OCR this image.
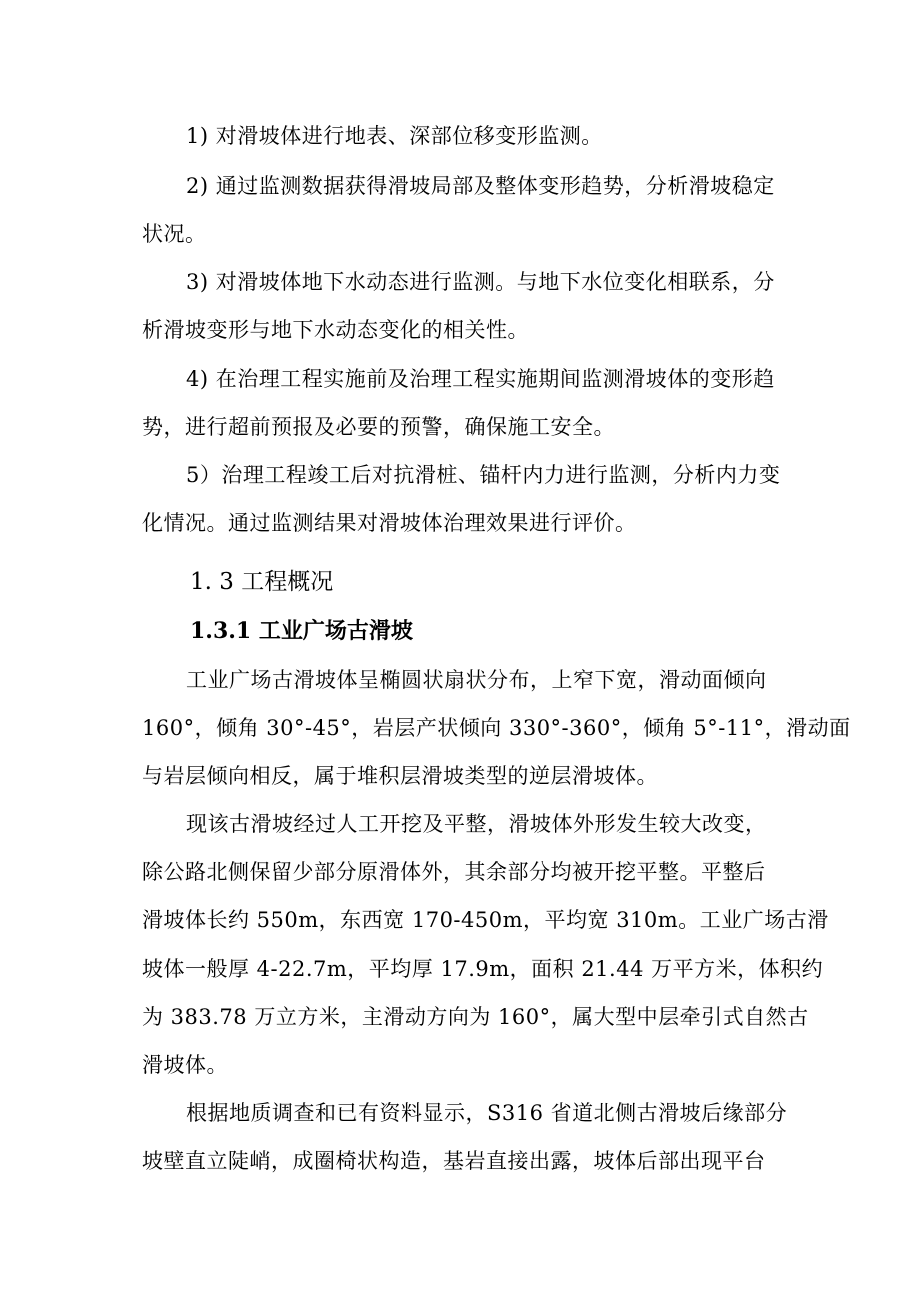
1) 对滑坡体进行地表、深部位移变形监测。
2) 通过监测数据获得滑坡局部及整体变形趋势，分析滑坡稳定
状况。
3) 对滑坡体地下水动态进行监测。与地下水位变化相联系，分
析滑坡变形与地下水动态变化的相关性。
4) 在治理工程实施前及治理工程实施期间监测滑坡体的变形趋
势，进行超前预报及必要的预警，确保施工安全。
5）治理工程竣工后对抗滑桩、锚杆内力进行监测，分析内力变
化情况。通过监测结果对滑坡体治理效果进行评价。
1. 3 工程概况
1.3.1 工业广场古滑坡
工业广场古滑坡体呈椭圆状扇状分布，上窄下宽，滑动面倾向
160°，倾角 30°-45°，岩层产状倾向 330°-360°，倾角 5°-11°，滑动面
与岩层倾向相反，属于堆积层滑坡类型的逆层滑坡体。
现该古滑坡经过人工开挖及平整，滑坡体外形发生较大改变，
除公路北侧保留少部分原滑体外，其余部分均被开挖平整。平整后
滑坡体长约 550m，东西宽 170-450m，平均宽 310m。工业广场古滑
坡体一般厚 4-22.7m，平均厚 17.9m，面积 21.44 万平方米，体积约
为 383.78 万立方米，主滑动方向为 160°，属大型中层牵引式自然古
滑坡体。
根据地质调查和已有资料显示，S316 省道北侧古滑坡后缘部分
坡壁直立陡峭，成圈椅状构造，基岩直接出露，坡体后部出现平台
